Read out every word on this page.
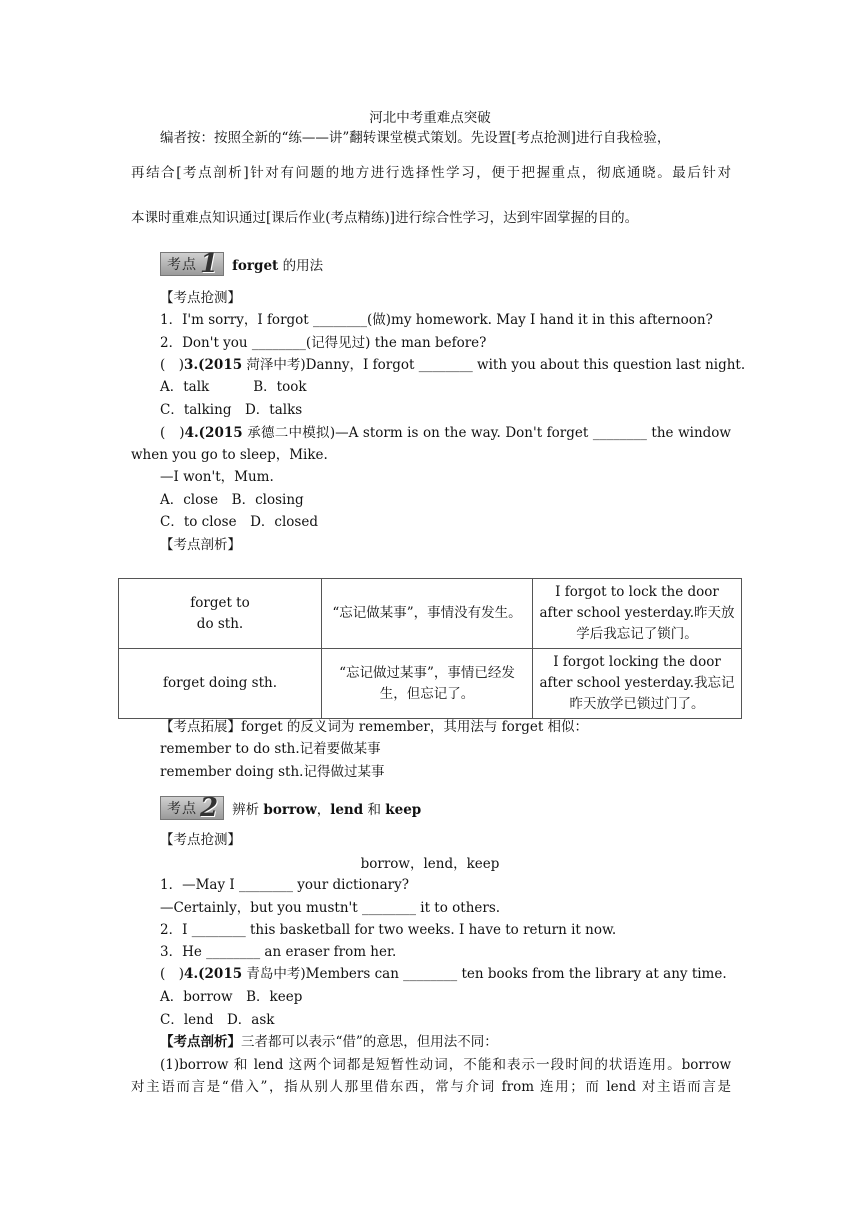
河北中考重难点突破
编者按：按照全新的“练——讲”翻转课堂模式策划。先设置[考点抢测]进行自我检验，
再结合[考点剖析]针对有问题的地方进行选择性学习，便于把握重点，彻底通晓。最后针对
本课时重难点知识通过[课后作业(考点精练)]进行综合性学习，达到牢固掌握的目的。
考点 1 forget 的用法
【考点抢测】
1．I'm sorry，I forgot ________(做)my homework. May I hand it in this afternoon?
2．Don't you ________(记得见过) the man before?
(　)3.(2015 菏泽中考)Danny，I forgot ________ with you about this question last night.
A．talk	B．took
C．talking　D．talks
(　)4.(2015 承德二中模拟)—A storm is on the way. Don't forget ________ the window
when you go to sleep，Mike.
—I won't，Mum.
A．close　B．closing
C．to close　D．closed
【考点剖析】
forget to
do sth.	“忘记做某事”，事情没有发生。	I forgot to lock the door after school yesterday.昨天放学后我忘记了锁门。
forget doing sth.	“忘记做过某事”，事情已经发生，但忘记了。	I forgot locking the door after school yesterday.我忘记昨天放学已锁过门了。
【考点拓展】forget 的反义词为 remember，其用法与 forget 相似：
remember to do sth.记着要做某事
remember doing sth.记得做过某事
考点 2 辨析 borrow，lend 和 keep
【考点抢测】
borrow，lend，keep
1．—May I ________ your dictionary?
—Certainly，but you mustn't ________ it to others.
2．I ________ this basketball for two weeks. I have to return it now.
3．He ________ an eraser from her.
(　)4.(2015 青岛中考)Members can ________ ten books from the library at any time.
A．borrow　B．keep
C．lend　D．ask
【考点剖析】三者都可以表示“借”的意思，但用法不同：
(1)borrow 和 lend 这两个词都是短暂性动词，不能和表示一段时间的状语连用。borrow
对主语而言是“借入”，指从别人那里借东西，常与介词 from 连用；而 lend 对主语而言是
